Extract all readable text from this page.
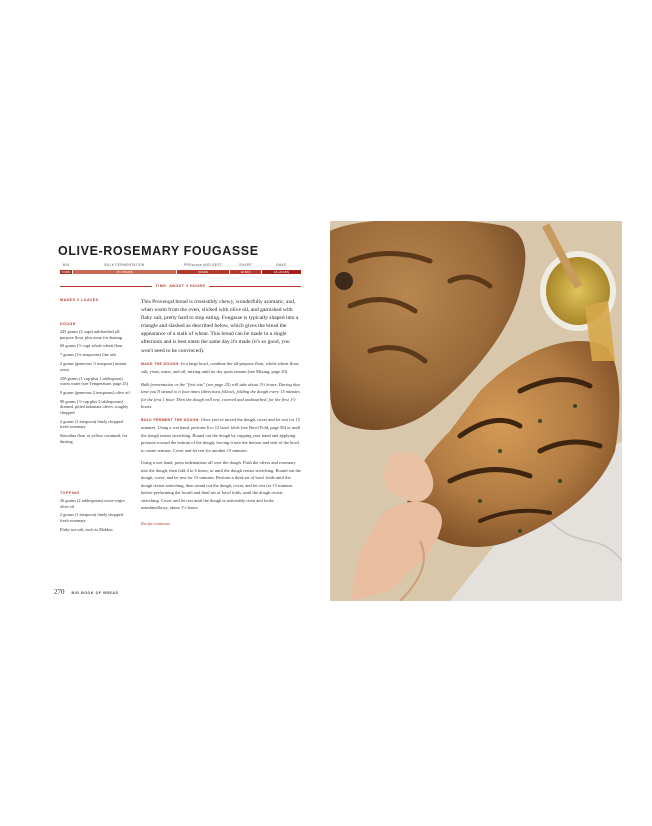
OLIVE-ROSEMARY FOUGASSE
MIX
5 MIN
BULK FERMENTATION
3½ HOURS
PREshape AND REST
30 MIN
SHAPE
10 MIN
BAKE
18–20 MIN
TIME: ABOUT 4 HOURS
MAKES 2 LOAVES
DOUGH
245 grams (2 cups) unbleached all-purpose flour, plus more for dusting
60 grams (½ cup) whole wheat flour
7 grams (1¼ teaspoons) fine salt
2 grams (generous ½ teaspoon) instant yeast
258 grams (1 cup plus 1 tablespoon) warm water (see Temperature, page 25)
9 grams (generous 2 teaspoons) olive oil
90 grams (½ cup plus 2 tablespoons) drained, pitted kalamata olives, roughly chopped
2 grams (1 teaspoon) finely chopped fresh rosemary
Semolina flour or yellow cornmeal, for dusting
TOPPING
26 grams (2 tablespoons) extra-virgin olive oil
2 grams (1 teaspoon) finely chopped fresh rosemary
Flaky sea salt, such as Maldon

This Provençal bread is irresistibly chewy, wonderfully aromatic, and, when warm from the oven, slicked with olive oil, and garnished with flaky salt, pretty hard to stop eating. Fougasse is typically shaped into a triangle and slashed as described below, which gives the bread the appearance of a stalk of wheat. This bread can be made in a single afternoon and is best eaten the same day it's made (it's so good, you won't need to be convinced).

MAKE THE DOUGH: In a large bowl, combine the all-purpose flour, whole wheat flour, salt, yeast, water, and oil, mixing until no dry spots remain (see Mixing, page 20).

Bulk fermentation or the "first rise" (see page 25) will take about 3½ hours. During that time you'll strand to it four times (directions follow), folding the dough every 15 minutes for the first 1 hour. Then the dough will rest, covered and undisturbed, for the first 1½ hours.

BULK FERMENT THE DOUGH: Once you've mixed the dough, cover and let rest for 15 minutes. Using a wet hand, perform 6 to 12 bowl folds (see Bowl Fold, page 50) or until the dough resists stretching. Round out the dough by cupping your hand and applying pressure toward the bottom of the dough, forcing it into the bottom and side of the bowl to create tension. Cover and let rest for another 15 minutes.

Using a wet hand, press indentations all over the dough. Push the olives and rosemary into the dough, then fold 4 to 6 times, or until the dough resists stretching. Round out the dough, cover, and let rest for 15 minutes. Perform a third set of bowl folds until the dough resists stretching, then round out the dough, cover, and let rest for 15 minutes before performing the fourth and final set of bowl folds, until the dough resists stretching. Cover and let rest until the dough is noticeably risen and looks marshmallowy, about 1½ hours.

Recipe continues

270 BIG BOOK OF BREAD
